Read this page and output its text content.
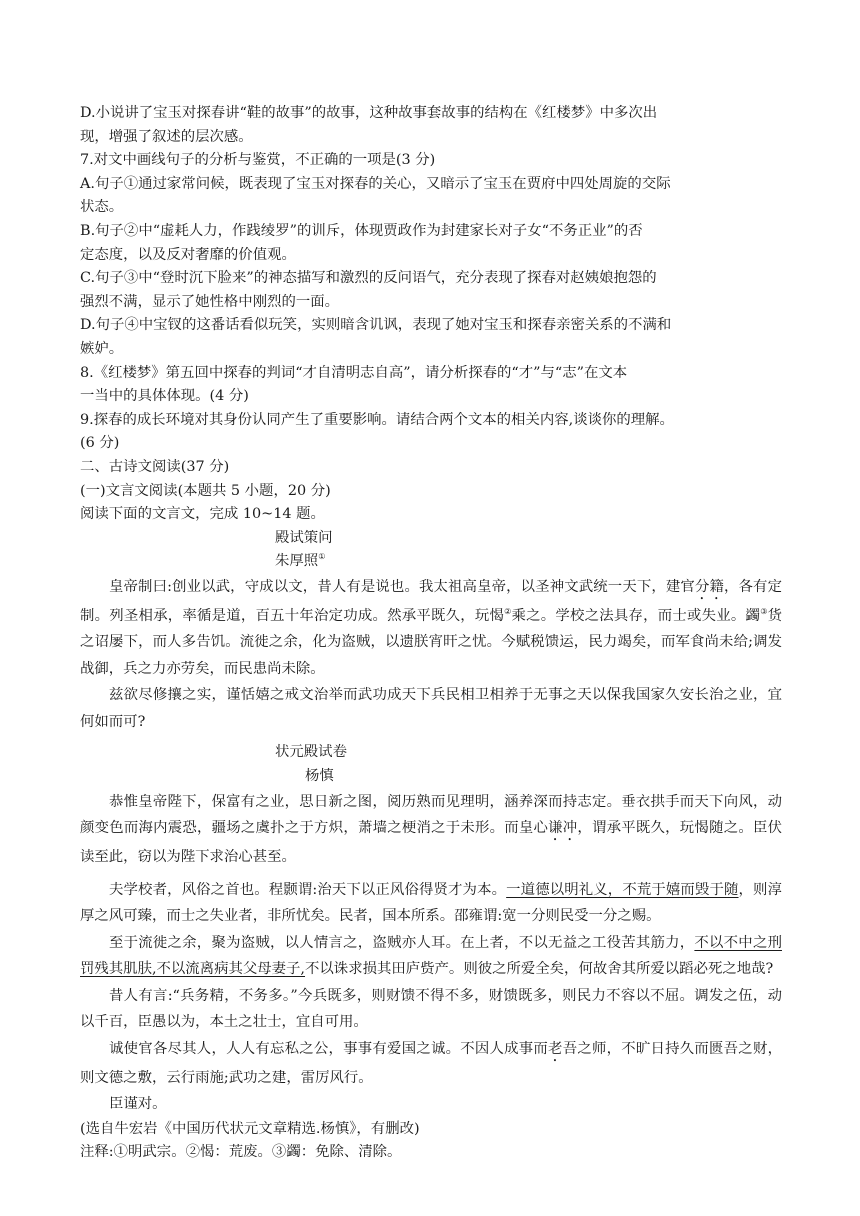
D.小说讲了宝玉对探春讲“鞋的故事”的故事，这种故事套故事的结构在《红楼梦》中多次出

现，增强了叙述的层次感。

7.对文中画线句子的分析与鉴赏，不正确的一项是(3 分)

A.句子①通过家常问候，既表现了宝玉对探春的关心，又暗示了宝玉在贾府中四处周旋的交际

状态。

B.句子②中“虚耗人力，作践绫罗”的训斥，体现贾政作为封建家长对子女“不务正业”的否

定态度，以及反对奢靡的价值观。

C.句子③中“登时沉下脸来”的神态描写和激烈的反问语气，充分表现了探春对赵姨娘抱怨的

强烈不满，显示了她性格中刚烈的一面。

D.句子④中宝钗的这番话看似玩笑，实则暗含讥讽，表现了她对宝玉和探春亲密关系的不满和

嫉妒。

8.《红楼梦》第五回中探春的判词“才自清明志自高”，请分析探春的“才”与“志”在文本

一当中的具体体现。(4 分)

9.探春的成长环境对其身份认同产生了重要影响。请结合两个文本的相关内容,谈谈你的理解。

(6 分)

二、古诗文阅读(37 分)

(一)文言文阅读(本题共 5 小题，20 分)

阅读下面的文言文，完成 10~14 题。

殿试策问

朱厚照①

皇帝制曰:创业以武，守成以文，昔人有是说也。我太祖高皇帝，以圣神文武统一天下，建官分籍，各有定制。列圣相承，率循是道，百五十年治定功成。然承平既久，玩愒②乘之。学校之法具存，而士或失业。蠲③货之诏屡下，而人多告饥。流徙之余，化为盗贼，以遗朕宵旰之忧。今赋税馈运，民力竭矣，而军食尚未给;调发战御，兵之力亦劳矣，而民患尚未除。

兹欲尽修攘之实，谨恬嬉之戒文治举而武功成天下兵民相卫相养于无事之天以保我国家久安长治之业，宜何如而可?

状元殿试卷

杨慎

恭惟皇帝陛下，保富有之业，思日新之图，阅历熟而见理明，涵养深而持志定。垂衣拱手而天下向风，动颜变色而海内震恐，疆场之虞扑之于方炽，萧墙之梗消之于未形。而皇心谦冲，谓承平既久，玩愒随之。臣伏读至此，窃以为陛下求治心甚至。

夫学校者，风俗之首也。程颢谓:治天下以正风俗得贤才为本。一道德以明礼义，不荒于嬉而毁于随，则淳厚之风可臻，而士之失业者，非所忧矣。民者，国本所系。邵雍谓:宽一分则民受一分之赐。

至于流徙之余，聚为盗贼，以人情言之，盗贼亦人耳。在上者，不以无益之工役苦其筋力，不以不中之刑罚残其肌肤,不以流离病其父母妻子,不以诛求损其田庐赀产。则彼之所爱全矣，何故舍其所爱以蹈必死之地哉?

昔人有言:“兵务精，不务多。”今兵既多，则财馈不得不多，财馈既多，则民力不容以不屈。调发之伍，动以千百，臣愚以为，本土之壮士，宜自可用。

诚使官各尽其人，人人有忘私之公，事事有爱国之诚。不因人成事而老吾之师，不旷日持久而匮吾之财，则文德之敷，云行雨施;武功之建，雷厉风行。

臣谨对。

(选自牛宏岩《中国历代状元文章精选.杨慎》，有删改)

注释:①明武宗。②愒：荒废。③蠲：免除、清除。
